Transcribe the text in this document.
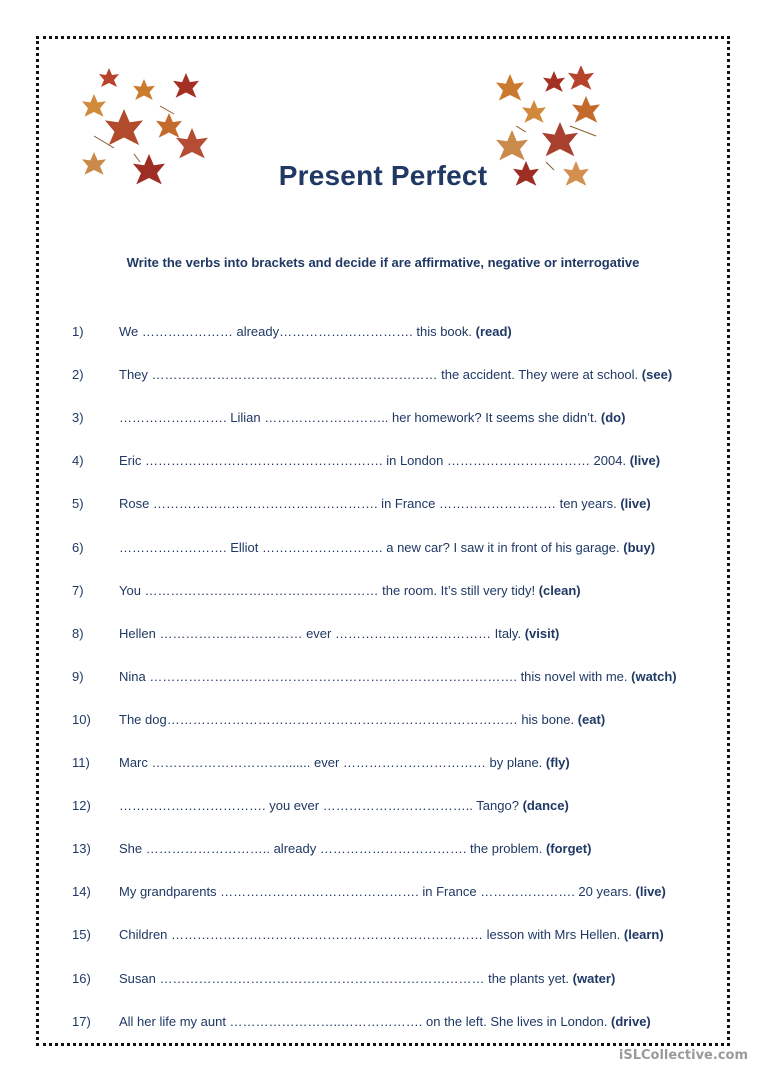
Present Perfect
Write the verbs into brackets and decide if are affirmative, negative or interrogative
1)	We ………………… already…………………………. this book. (read)
2)	They ………………………………………………………… the accident. They were at school. (see)
3)	……………………. Lilian ……………………….. her homework? It seems she didn’t. (do)
4)	Eric ………………………………………………. in London …………………………… 2004. (live)
5)	Rose ……………………………………………. in France ……………………… ten years. (live)
6)	……………………. Elliot ………………………. a new car? I saw it in front of his garage. (buy)
7)	You ……………………………………………… the room. It’s still very tidy! (clean)
8)	Hellen …………………………… ever ……………………………… Italy. (visit)
9)	Nina …………………………………………………………………………. this novel with me. (watch)
10) The dog……………………………………………………………………… his bone. (eat)
11) Marc …………………………........ ever …………………………… by plane. (fly)
12) ……………………………. you ever …………………………….. Tango? (dance)
13) She ……………………….. already ……………………………. the problem. (forget)
14) My grandparents ………………………………………. in France …………………. 20 years. (live)
15) Children ……………………………………………………………… lesson with Mrs Hellen. (learn)
16) Susan ………………………………………………………………… the plants yet. (water)
17) All her life my aunt ……………………..………………. on the left. She lives in London. (drive)
iSLCollective.com
